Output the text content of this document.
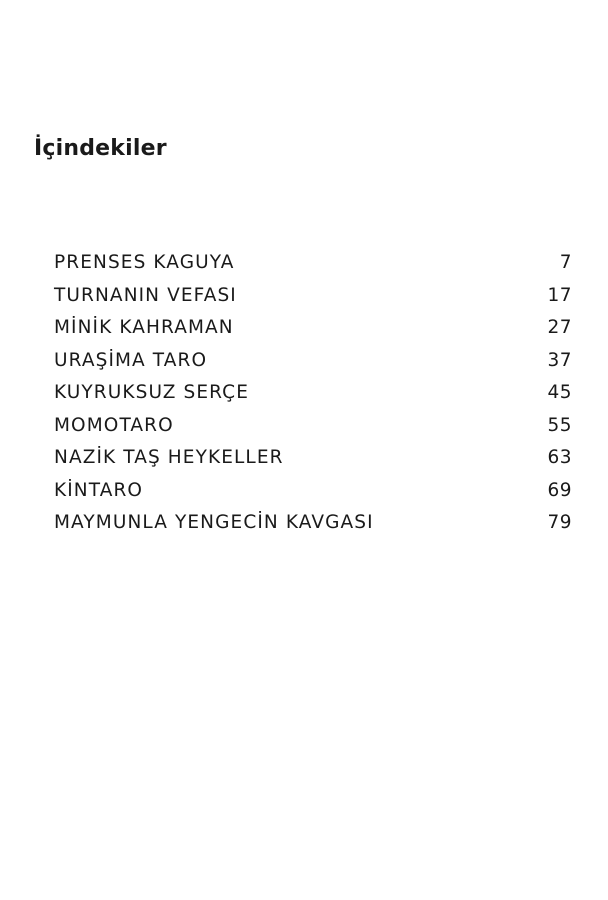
İçindekiler
PRENSES KAGUYA	7
TURNANIN VEFASI	17
MİNİK KAHRAMAN	27
URAŞİMA TARO	37
KUYRUKSUZ SERÇE	45
MOMOTARO	55
NAZİK TAŞ HEYKELLER	63
KİNTARO	69
MAYMUNLA YENGECİN KAVGASI	79
